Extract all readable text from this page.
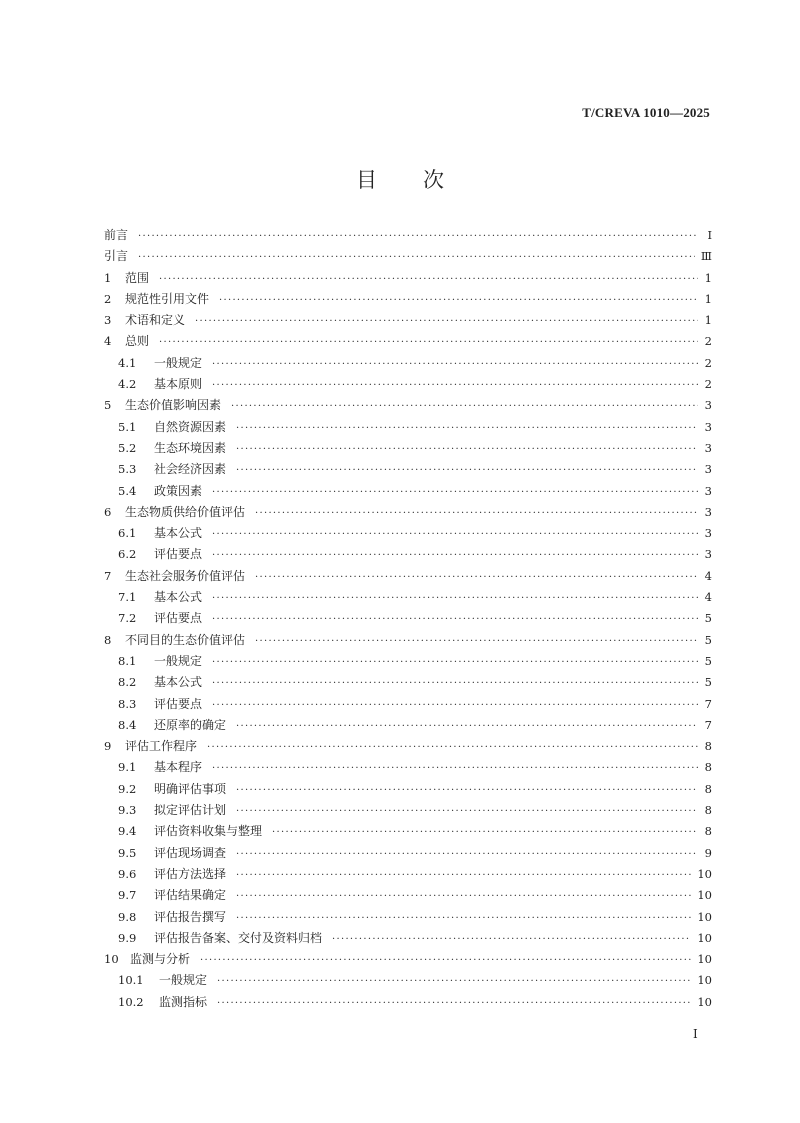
T/CREVA 1010—2025
目次
前言 ·····	Ⅰ
引言 ·····	Ⅲ
1	范围 ·····	1
2	规范性引用文件 ·····	1
3	术语和定义 ·····	1
4	总则 ·····	2
4.1	一般规定 ·····	2
4.2	基本原则 ·····	2
5	生态价值影响因素 ·····	3
5.1	自然资源因素 ·····	3
5.2	生态环境因素 ·····	3
5.3	社会经济因素 ·····	3
5.4	政策因素 ·····	3
6	生态物质供给价值评估 ·····	3
6.1	基本公式 ·····	3
6.2	评估要点 ·····	3
7	生态社会服务价值评估 ·····	4
7.1	基本公式 ·····	4
7.2	评估要点 ·····	5
8	不同目的生态价值评估 ·····	5
8.1	一般规定 ·····	5
8.2	基本公式 ·····	5
8.3	评估要点 ·····	7
8.4	还原率的确定 ·····	7
9	评估工作程序 ·····	8
9.1	基本程序 ·····	8
9.2	明确评估事项 ·····	8
9.3	拟定评估计划 ·····	8
9.4	评估资料收集与整理 ·····	8
9.5	评估现场调查 ·····	9
9.6	评估方法选择 ·····	10
9.7	评估结果确定 ·····	10
9.8	评估报告撰写 ·····	10
9.9	评估报告备案、交付及资料归档 ·····	10
10 监测与分析 ·····	10
10.1	一般规定 ·····	10
10.2	监测指标 ·····	10
Ⅰ
